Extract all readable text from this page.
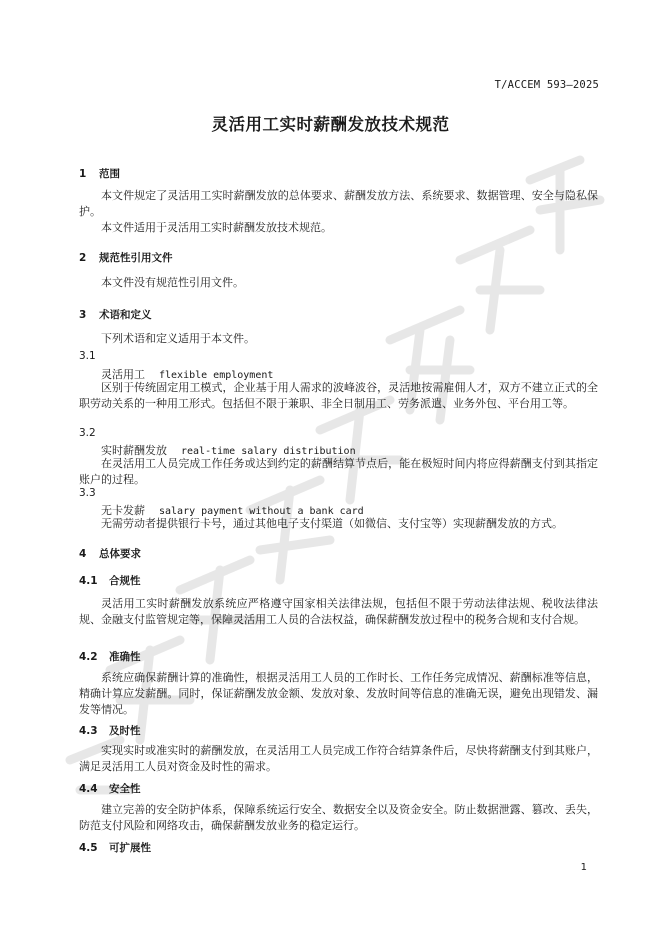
T/ACCEM 593—2025
灵活用工实时薪酬发放技术规范
1 范围
本文件规定了灵活用工实时薪酬发放的总体要求、薪酬发放方法、系统要求、数据管理、安全与隐私保护。
本文件适用于灵活用工实时薪酬发放技术规范。
2 规范性引用文件
本文件没有规范性引用文件。
3 术语和定义
下列术语和定义适用于本文件。
3.1
灵活用工 flexible employment
区别于传统固定用工模式，企业基于用人需求的波峰波谷，灵活地按需雇佣人才，双方不建立正式的全职劳动关系的一种用工形式。包括但不限于兼职、非全日制用工、劳务派遣、业务外包、平台用工等。
3.2
实时薪酬发放 real-time salary distribution
在灵活用工人员完成工作任务或达到约定的薪酬结算节点后，能在极短时间内将应得薪酬支付到其指定账户的过程。
3.3
无卡发薪 salary payment without a bank card
无需劳动者提供银行卡号，通过其他电子支付渠道（如微信、支付宝等）实现薪酬发放的方式。
4 总体要求
4.1 合规性
灵活用工实时薪酬发放系统应严格遵守国家相关法律法规，包括但不限于劳动法律法规、税收法律法规、金融支付监管规定等，保障灵活用工人员的合法权益，确保薪酬发放过程中的税务合规和支付合规。
4.2 准确性
系统应确保薪酬计算的准确性，根据灵活用工人员的工作时长、工作任务完成情况、薪酬标准等信息，精确计算应发薪酬。同时，保证薪酬发放金额、发放对象、发放时间等信息的准确无误，避免出现错发、漏发等情况。
4.3 及时性
实现实时或准实时的薪酬发放，在灵活用工人员完成工作符合结算条件后，尽快将薪酬支付到其账户，满足灵活用工人员对资金及时性的需求。
4.4 安全性
建立完善的安全防护体系，保障系统运行安全、数据安全以及资金安全。防止数据泄露、篡改、丢失，防范支付风险和网络攻击，确保薪酬发放业务的稳定运行。
4.5 可扩展性
1
